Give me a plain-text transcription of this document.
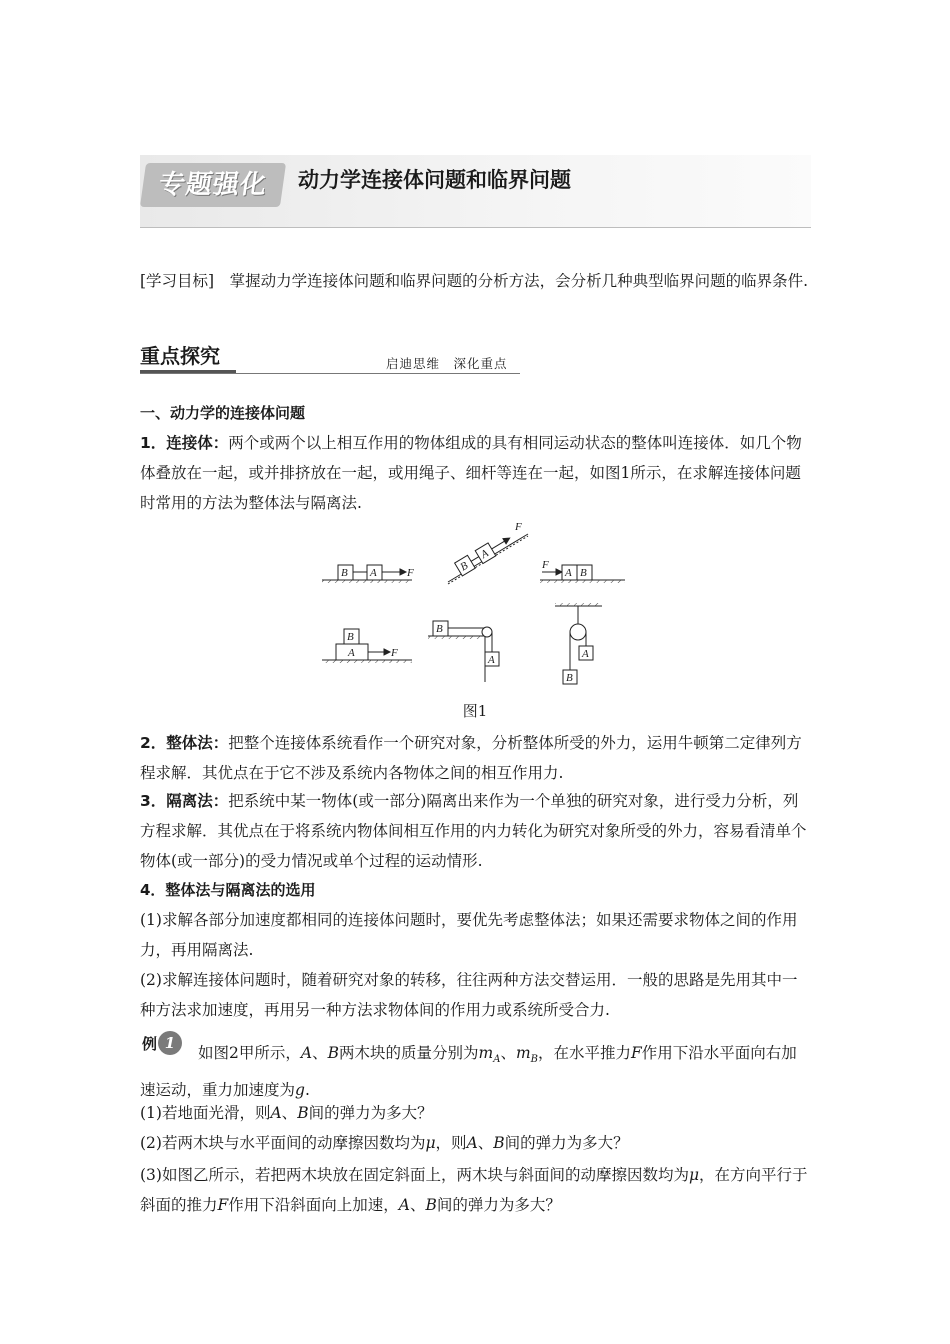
专题强化	动力学连接体问题和临界问题
[学习目标]　 掌握动力学连接体问题和临界问题的分析方法，会分析几种典型临界问题的临界条件.
重点探究	启迪思维　深化重点
一、动力学的连接体问题
1．连接体：两个或两个以上相互作用的物体组成的具有相同运动状态的整体叫连接体．如几个物体叠放在一起，或并排挤放在一起，或用绳子、细杆等连在一起，如图1所示，在求解连接体问题时常用的方法为整体法与隔离法.
B A	F	B
A
F
F
A B
A
B
F
B
A	A
B
图1
2．整体法：把整个连接体系统看作一个研究对象，分析整体所受的外力，运用牛顿第二定律列方程求解．其优点在于它不涉及系统内各物体之间的相互作用力.
3．隔离法：把系统中某一物体(或一部分)隔离出来作为一个单独的研究对象，进行受力分析，列方程求解．其优点在于将系统内物体间相互作用的内力转化为研究对象所受的外力，容易看清单个物体(或一部分)的受力情况或单个过程的运动情形.
4．整体法与隔离法的选用
(1)求解各部分加速度都相同的连接体问题时，要优先考虑整体法；如果还需要求物体之间的作用力，再用隔离法.
(2)求解连接体问题时，随着研究对象的转移，往往两种方法交替运用．一般的思路是先用其中一种方法求加速度，再用另一种方法求物体间的作用力或系统所受合力.
例 1
如图2甲所示，A、B两木块的质量分别为$m_A$、$m_B$，在水平推力F作用下沿水平面向右加速运动，重力加速度为g.
(1)若地面光滑，则A、B间的弹力为多大？
(2)若两木块与水平面间的动摩擦因数均为μ，则A、B间的弹力为多大？
(3)如图乙所示，若把两木块放在固定斜面上，两木块与斜面间的动摩擦因数均为μ，在方向平行于斜面的推力F作用下沿斜面向上加速，A、B间的弹力为多大？
